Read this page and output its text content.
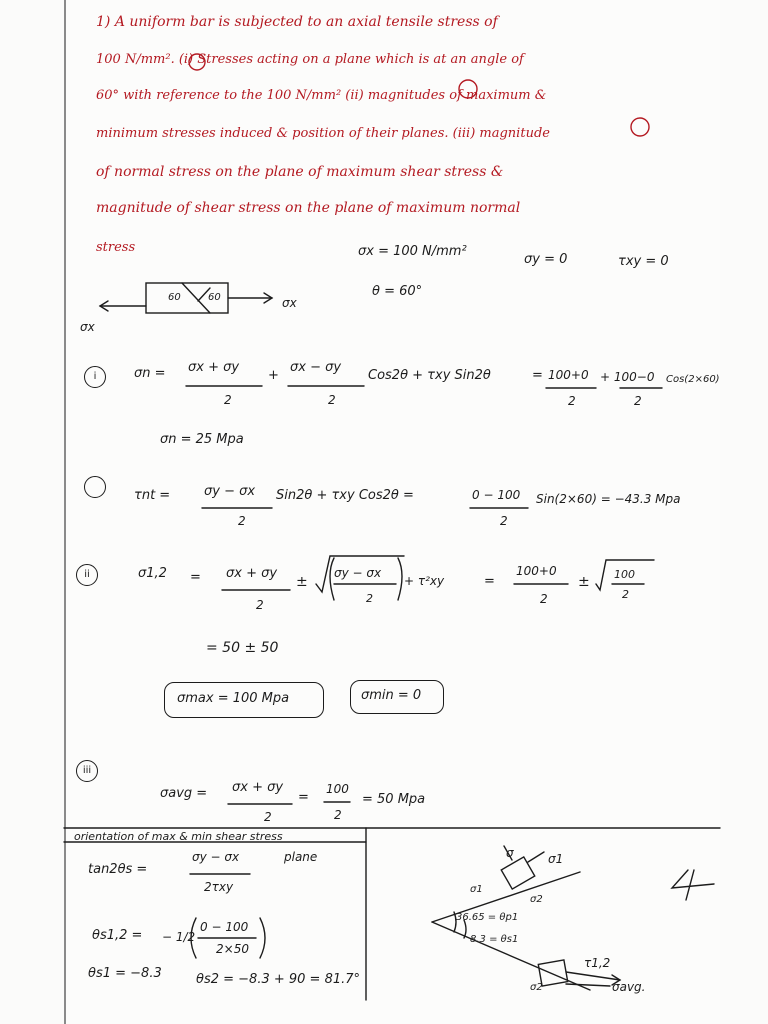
1) A uniform bar is subjected to an axial tensile stress of
100 N/mm². (i) Stresses acting on a plane which is at an angle of
60° with reference to the 100 N/mm² (ii) magnitudes of maximum &
minimum stresses induced & position of their planes. (iii) magnitude
of normal stress on the plane of maximum shear stress &
magnitude of shear stress on the plane of maximum normal
stress	σx = 100 N/mm²
σy = 0	τxy = 0
θ = 60°
60	60
σx
σx
i	σn = σx + σy
2
+
σx − σy
2
Cos2θ + τxy Sin2θ	= 100+0
2
+ 100−0
2
Cos(2×60)
σn = 25 Mpa
τnt =	σy − σx
2
Sin2θ + τxy Cos2θ =	0 − 100
2
Sin(2×60) = −43.3 Mpa
ii	σ1,2 = σx + σy
2
±
σy − σx
2
+ τ²xy	=
100+0
2
± 100
2
= 50 ± 50
σmax = 100 Mpa	σmin = 0
iii
σavg = σx + σy
2
=
100
2
= 50 Mpa
orientation of max & min shear stress
plane
tan2θs =
σy − σx
2τxy
θs1,2 = − 1/2
0 − 100
2×50
θs1 = −8.3	θs2 = −8.3 + 90 = 81.7°
σ	σ1
σ1
σ2
36.65 = θp1
8.3 = θs1
τ1,2
σavg.
σ2
